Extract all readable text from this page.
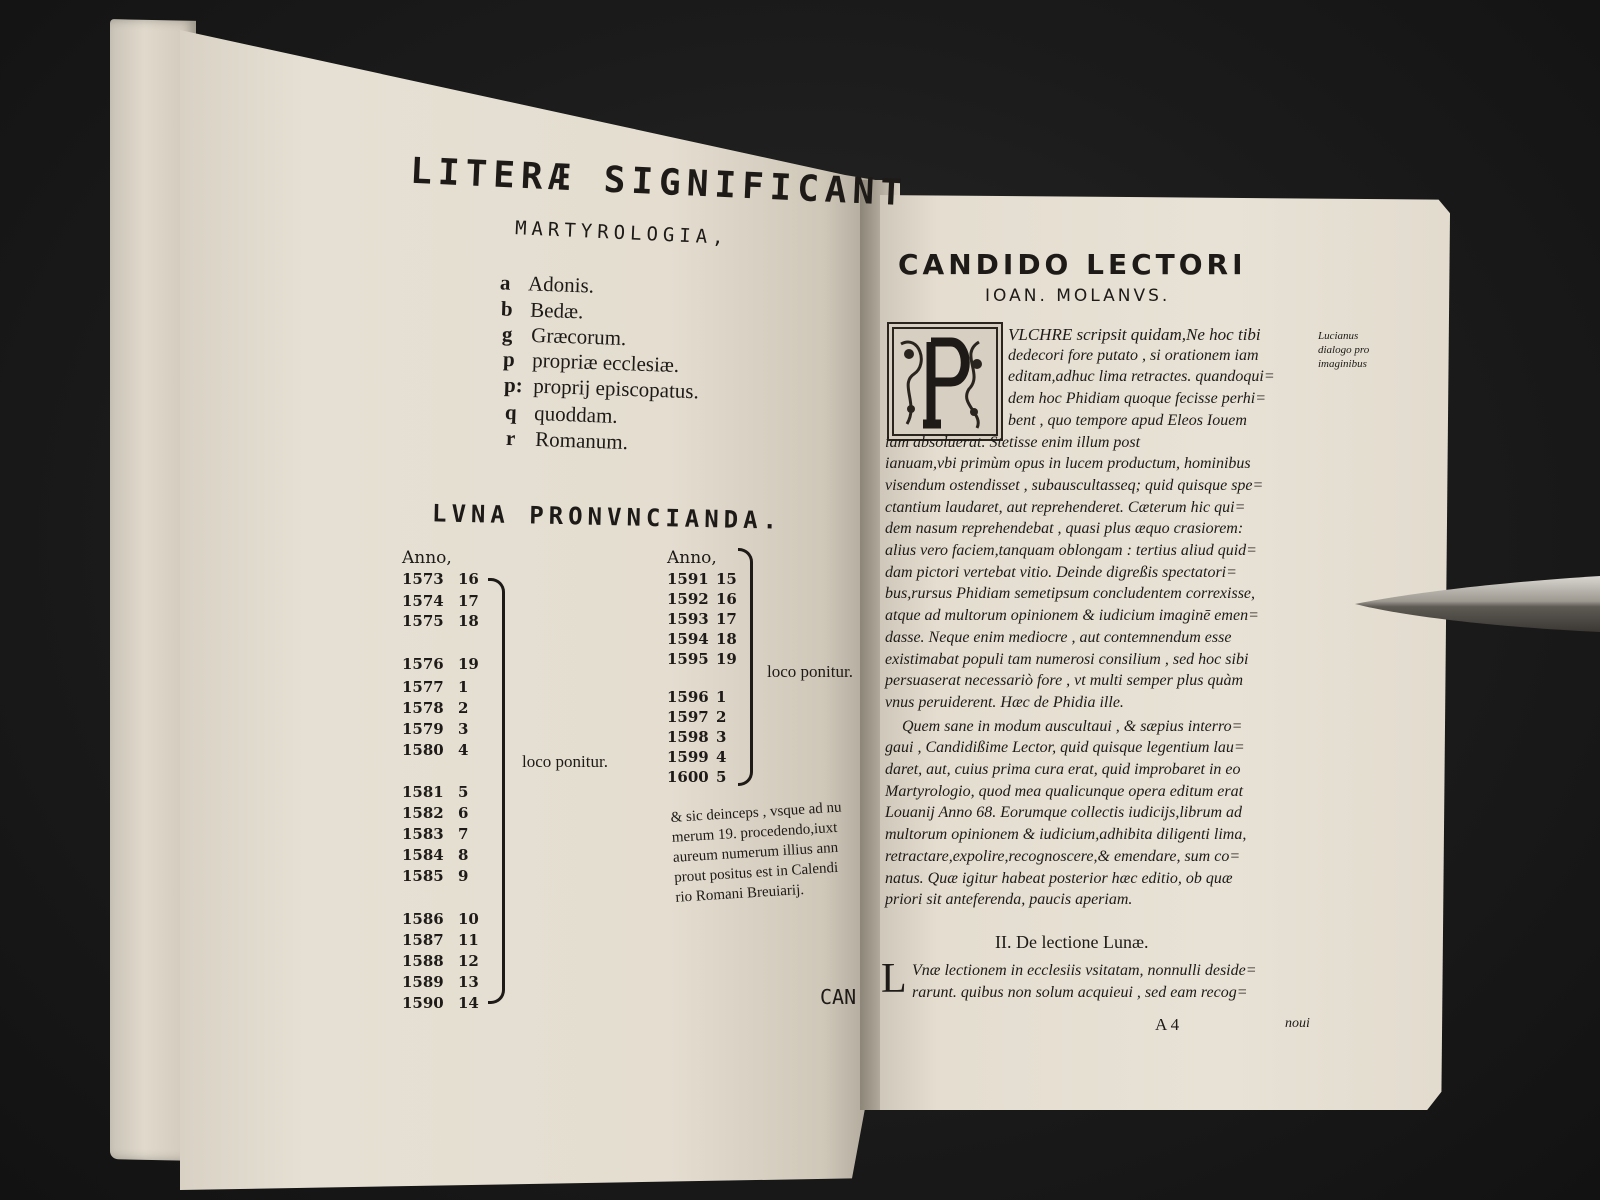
LITERÆ SIGNIFICANT
MARTYROLOGIA,
a Adonis.
b Bedæ.
g Græcorum.
p propriæ ecclesiæ.
p: proprij episcopatus.
q quoddam.
r Romanum.
LVNA PRONVNCIANDA.
Anno,
1573 16
1574 17
1575 18
1576 19
1577 1
1578 2
1579 3
1580 4
1581 5
1582 6
1583 7
1584 8
1585 9
1586 10
1587 11
1588 12
1589 13
1590 14
loco ponitur.
Anno,
1591 15
1592 16
1593 17
1594 18
1595 19
1596 1
1597 2
1598 3
1599 4
1600 5
loco ponitur.
& sic deinceps , vsque ad nu
merum 19. procedendo,iuxt
aureum numerum illius ann
prout positus est in Calendi
rio Romani Breuiarij.
CAN
CANDIDO LECTORI
IOAN. MOLANVS.
Lucianus
dialogo pro
imaginibus
VLCHRE scripsit quidam,Ne hoc tibi
dedecori fore putato , si orationem iam
editam,adhuc lima retractes. quandoqui=
dem hoc Phidiam quoque fecisse perhi=
bent , quo tempore apud Eleos Iouem
iam absoluerat. Stetisse enim illum post
ianuam,vbi primùm opus in lucem productum, hominibus
visendum ostendisset , subauscultasseq; quid quisque spe=
ctantium laudaret, aut reprehenderet. Cæterum hic qui=
dem nasum reprehendebat , quasi plus æquo crasiorem:
alius vero faciem,tanquam oblongam : tertius aliud quid=
dam pictori vertebat vitio. Deinde digreßis spectatori=
bus,rursus Phidiam semetipsum concludentem correxisse,
atque ad multorum opinionem & iudicium imaginē emen=
dasse. Neque enim mediocre , aut contemnendum esse
existimabat populi tam numerosi consilium , sed hoc sibi
persuaserat necessariò fore , vt multi semper plus quàm
vnus peruiderent. Hæc de Phidia ille.
Quem sane in modum auscultaui , & sæpius interro=
gaui , Candidißime Lector, quid quisque legentium lau=
daret, aut, cuius prima cura erat, quid improbaret in eo
Martyrologio, quod mea qualicunque opera editum erat
Louanij Anno 68. Eorumque collectis iudicijs,librum ad
multorum opinionem & iudicium,adhibita diligenti lima,
retractare,expolire,recognoscere,& emendare, sum co=
natus. Quæ igitur habeat posterior hæc editio, ob quæ
priori sit anteferenda, paucis aperiam.
II. De lectione Lunæ.
L Vnæ lectionem in ecclesiis vsitatam, nonnulli deside=
rarunt. quibus non solum acquieui , sed eam recog=
A 4	noui
